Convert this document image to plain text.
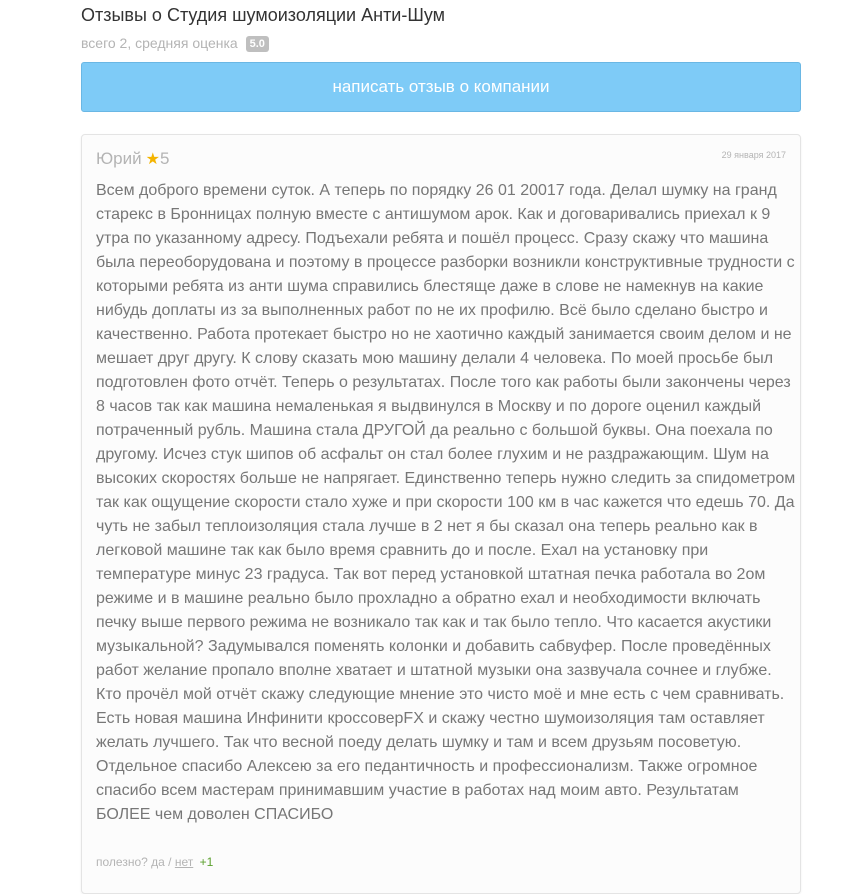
Отзывы о Студия шумоизоляции Анти-Шум
всего 2, средняя оценка 5.0
написать отзыв о компании
Юрий ★5	29 января 2017
Всем доброго времени суток. А теперь по порядку 26 01 20017 года. Делал шумку на гранд старекс в Бронницах полную вместе с антишумом арок. Как и договаривались приехал к 9 утра по указанному адресу. Подъехали ребята и пошёл процесс. Сразу скажу что машина была переоборудована и поэтому в процессе разборки возникли конструктивные трудности с которыми ребята из анти шума справились блестяще даже в слове не намекнув на какие нибудь доплаты из за выполненных работ по не их профилю. Всё было сделано быстро и качественно. Работа протекает быстро но не хаотично каждый занимается своим делом и не мешает друг другу. К слову сказать мою машину делали 4 человека. По моей просьбе был подготовлен фото отчёт. Теперь о результатах. После того как работы были закончены через 8 часов так как машина немаленькая я выдвинулся в Москву и по дороге оценил каждый потраченный рубль. Машина стала ДРУГОЙ да реально с большой буквы. Она поехала по другому. Исчез стук шипов об асфальт он стал более глухим и не раздражающим. Шум на высоких скоростях больше не напрягает. Единственно теперь нужно следить за спидометром так как ощущение скорости стало хуже и при скорости 100 км в час кажется что едешь 70. Да чуть не забыл теплоизоляция стала лучше в 2 нет я бы сказал она теперь реально как в легковой машине так как было время сравнить до и после. Ехал на установку при температуре минус 23 градуса. Так вот перед установкой штатная печка работала во 2ом режиме и в машине реально было прохладно а обратно ехал и необходимости включать печку выше первого режима не возникало так как и так было тепло. Что касается акустики музыкальной? Задумывался поменять колонки и добавить сабвуфер. После проведённых работ желание пропало вполне хватает и штатной музыки она зазвучала сочнее и глубже. Кто прочёл мой отчёт скажу следующие мнение это чисто моё и мне есть с чем сравнивать. Есть новая машина Инфинити кроссоверFX и скажу честно шумоизоляция там оставляет желать лучшего. Так что весной поеду делать шумку и там и всем друзьям посоветую. Отдельное спасибо Алексею за его педантичность и профессионализм. Также огромное спасибо всем мастерам принимавшим участие в работах над моим авто. Результатам БОЛЕЕ чем доволен СПАСИБО
полезно? да / нет +1
